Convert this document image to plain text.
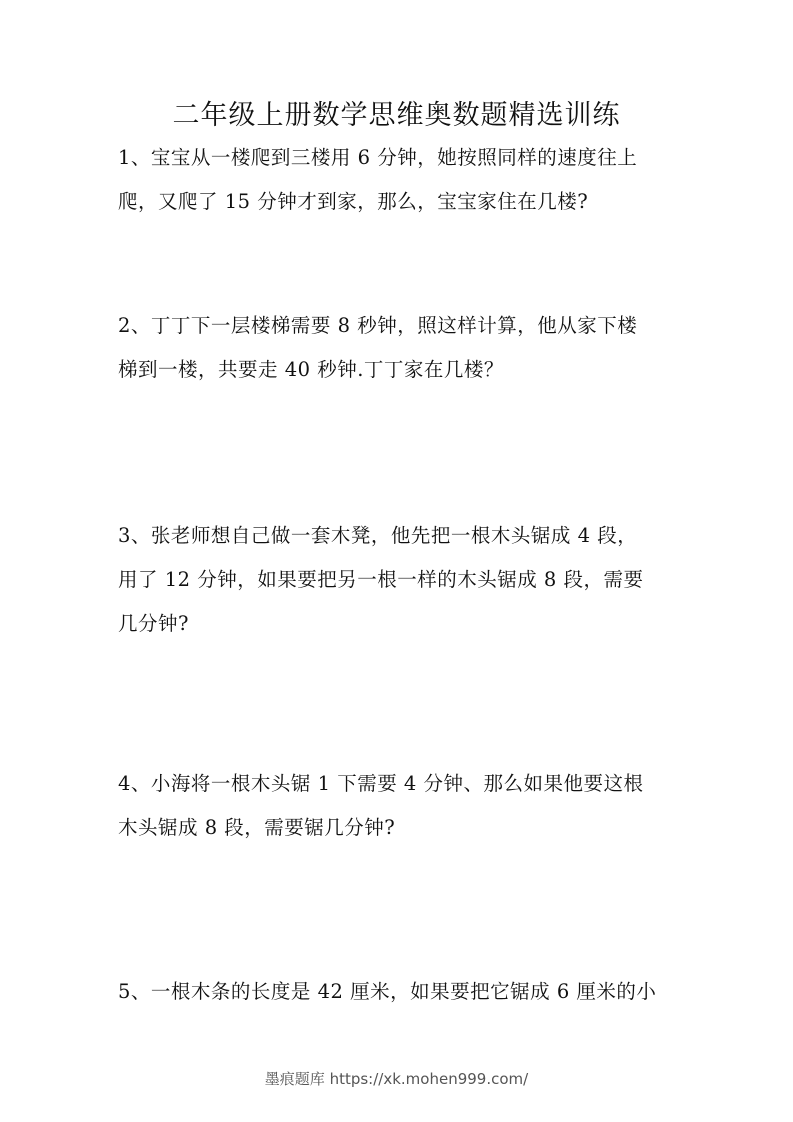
二年级上册数学思维奥数题精选训练
1、宝宝从一楼爬到三楼用 6 分钟，她按照同样的速度往上
爬，又爬了 15 分钟才到家，那么，宝宝家住在几楼?
2、丁丁下一层楼梯需要 8 秒钟，照这样计算，他从家下楼
梯到一楼，共要走 40 秒钟.丁丁家在几楼？
3、张老师想自己做一套木凳，他先把一根木头锯成 4 段，
用了 12 分钟，如果要把另一根一样的木头锯成 8 段，需要
几分钟?
4、小海将一根木头锯 1 下需要 4 分钟、那么如果他要这根
木头锯成 8 段，需要锯几分钟?
5、一根木条的长度是 42 厘米，如果要把它锯成 6 厘米的小
墨痕题库 https://xk.mohen999.com/
